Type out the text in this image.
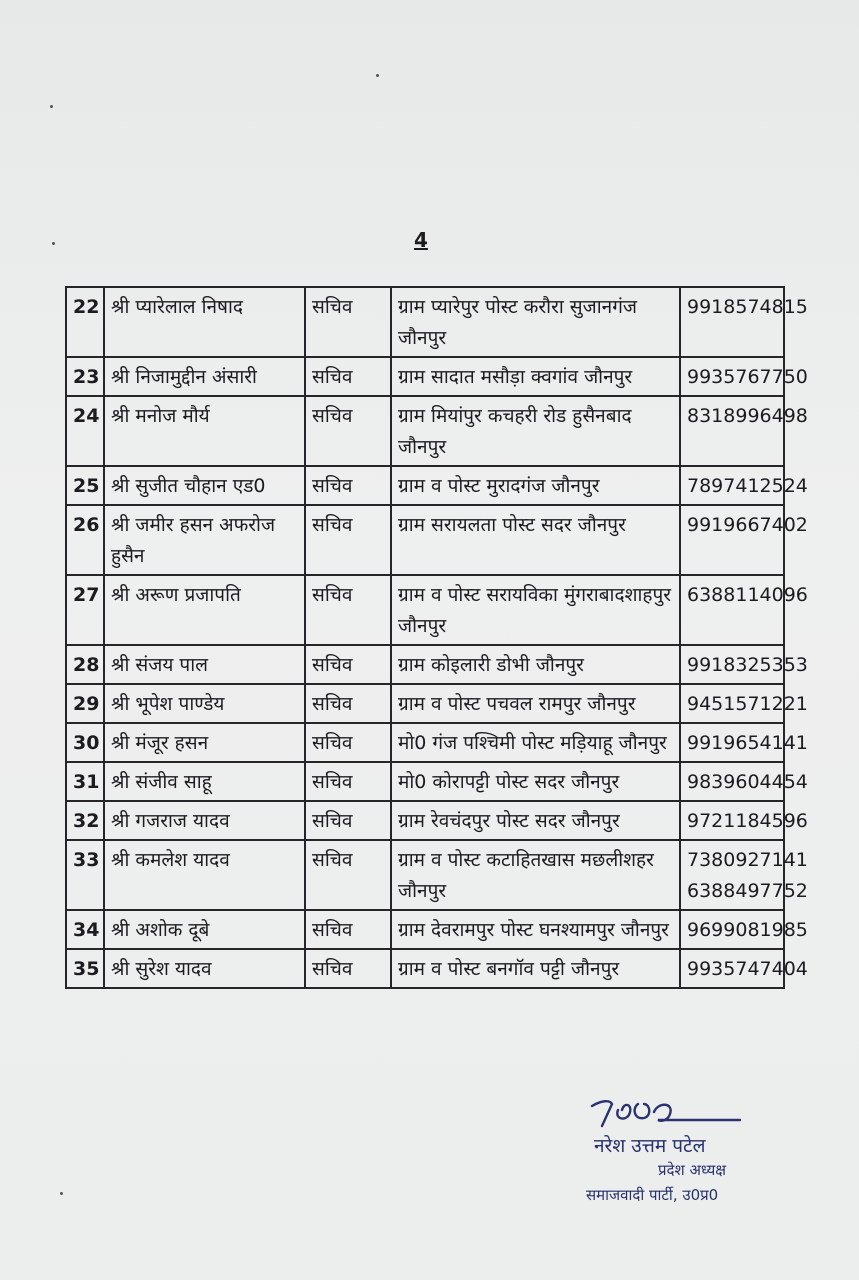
4
22	श्री प्यारेलाल निषाद	सचिव	ग्राम प्यारेपुर पोस्ट करौरा सुजानगंज जौनपुर	9918574815
23	श्री निजामुद्दीन अंसारी	सचिव	ग्राम सादात मसौड़ा क्वगांव जौनपुर	9935767750
24	श्री मनोज मौर्य	सचिव	ग्राम मियांपुर कचहरी रोड हुसैनबाद जौनपुर	8318996498
25	श्री सुजीत चौहान एड0	सचिव	ग्राम व पोस्ट मुरादगंज जौनपुर	7897412524
26	श्री जमीर हसन अफरोज हुसैन	सचिव	ग्राम सरायलता पोस्ट सदर जौनपुर	9919667402
27	श्री अरूण प्रजापति	सचिव	ग्राम व पोस्ट सरायविका मुंगराबादशाहपुर जौनपुर	6388114096
28	श्री संजय पाल	सचिव	ग्राम कोइलारी डोभी जौनपुर	9918325353
29	श्री भूपेश पाण्डेय	सचिव	ग्राम व पोस्ट पचवल रामपुर जौनपुर	9451571221
30	श्री मंजूर हसन	सचिव	मो0 गंज पश्चिमी पोस्ट मड़ियाहू जौनपुर	9919654141
31	श्री संजीव साहू	सचिव	मो0 कोरापट्टी पोस्ट सदर जौनपुर	9839604454
32	श्री गजराज यादव	सचिव	ग्राम रेवचंदपुर पोस्ट सदर जौनपुर	9721184596
33	श्री कमलेश यादव	सचिव	ग्राम व पोस्ट कटाहितखास मछलीशहर जौनपुर	7380927141 6388497752
34	श्री अशोक दूबे	सचिव	ग्राम देवरामपुर पोस्ट घनश्यामपुर जौनपुर	9699081985
35	श्री सुरेश यादव	सचिव	ग्राम व पोस्ट बनगॉव पट्टी जौनपुर	9935747404
नरेश उत्तम पटेल
प्रदेश अध्यक्ष
समाजवादी पार्टी, उ0प्र0
